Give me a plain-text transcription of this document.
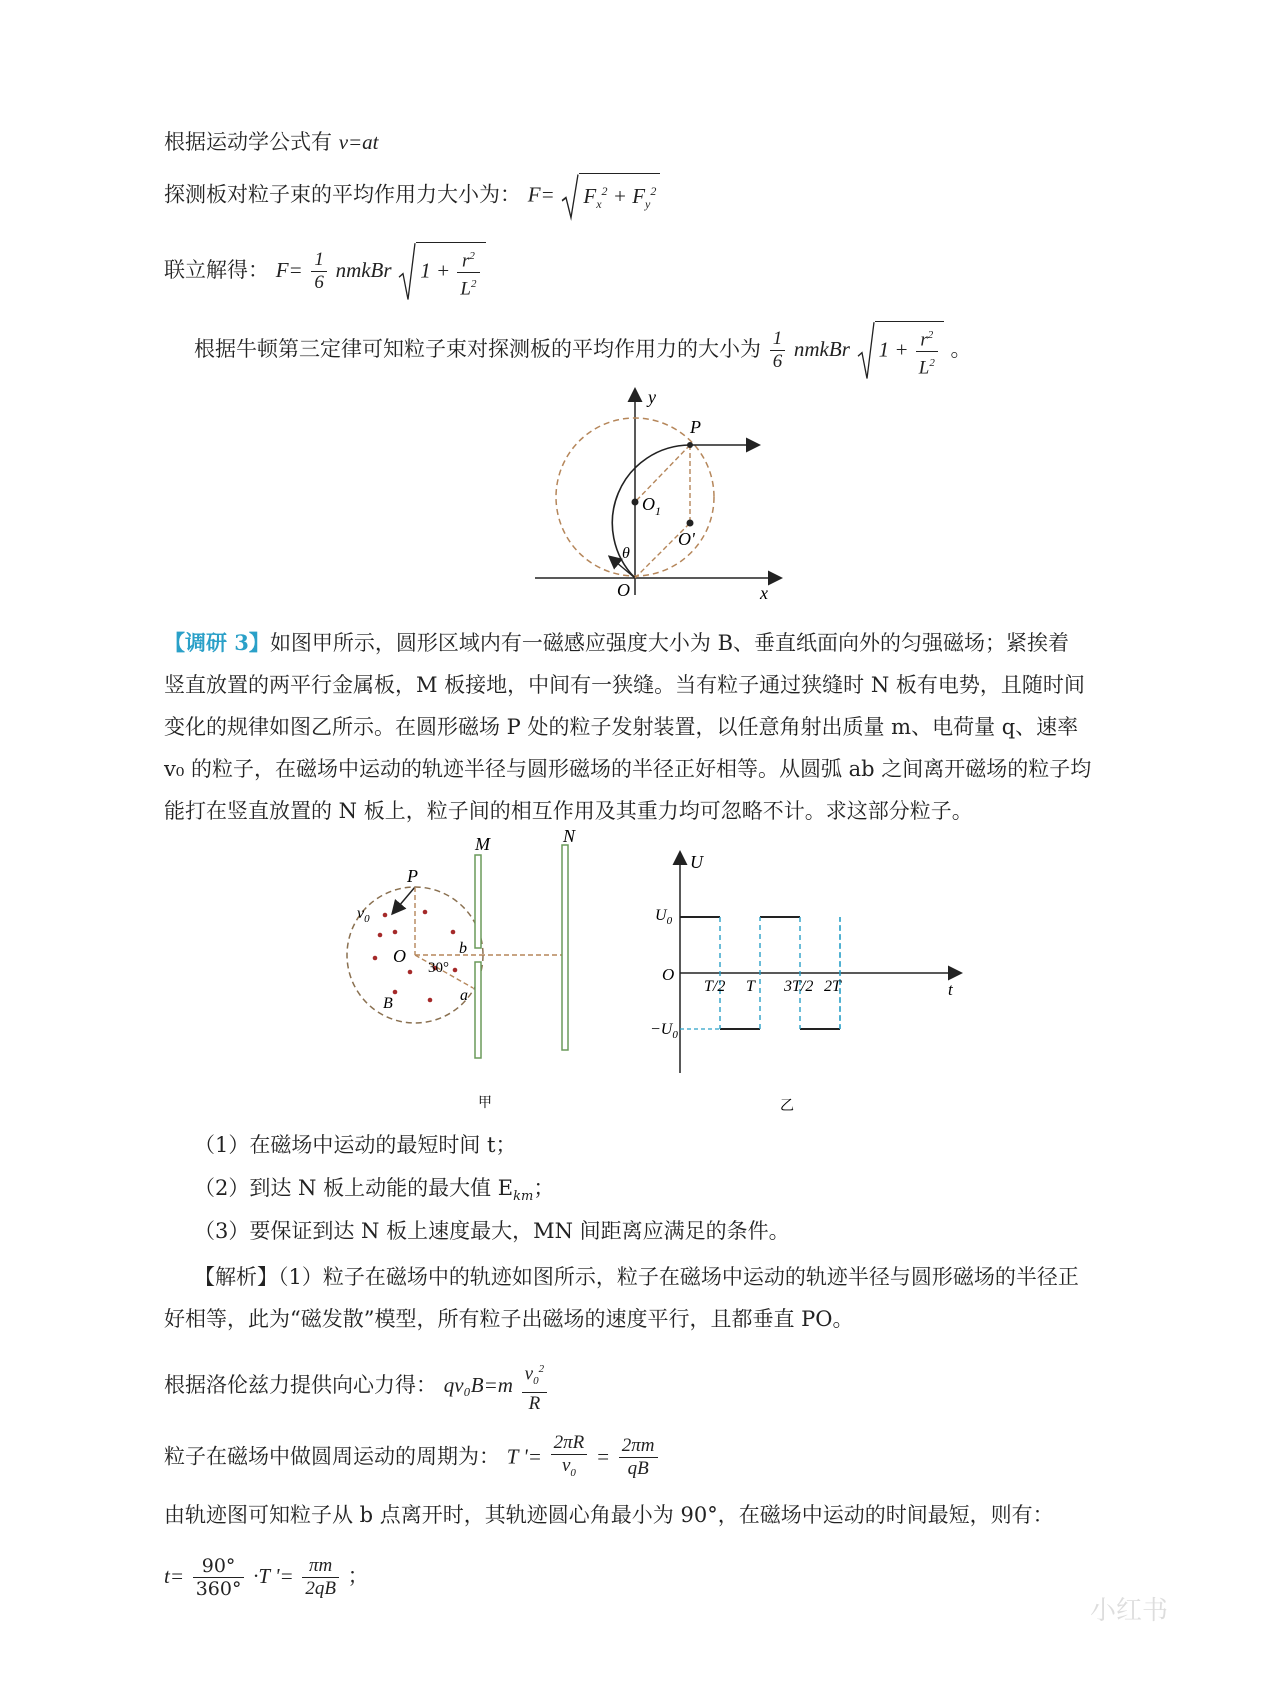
根据运动学公式有 v=at
探测板对粒子束的平均作用力大小为： $F= F_x^2 + F_y^2$
联立解得： $F= \frac{1}{6}$ nmkBr $1 + \frac{r^2}{L^2}$
根据牛顿第三定律可知粒子束对探测板的平均作用力的大小为 $\frac{1}{6}$ nmkBr $1 + \frac{r^2}{L^2}$ 。
y
x
P
O
$O_1$
O'
θ
【调研 3】如图甲所示，圆形区域内有一磁感应强度大小为 B、垂直纸面向外的匀强磁场；紧挨着
竖直放置的两平行金属板，M 板接地，中间有一狭缝。当有粒子通过狭缝时 N 板有电势，且随时间
变化的规律如图乙所示。在圆形磁场 P 处的粒子发射装置，以任意角射出质量 m、电荷量 q、速率
v₀ 的粒子，在磁场中运动的轨迹半径与圆形磁场的半径正好相等。从圆弧 ab 之间离开磁场的粒子均
能打在竖直放置的 N 板上，粒子间的相互作用及其重力均可忽略不计。求这部分粒子。
M	N
P
$v_0$
O
B
b
a
30°
甲
T/2 T 3T/2 2T
U
$U_0$
$-U_0$
O
t
乙
（1）在磁场中运动的最短时间 t；
（2）到达 N 板上动能的最大值 $E_{km}$；
（3）要保证到达 N 板上速度最大，MN 间距离应满足的条件。
【解析】（1）粒子在磁场中的轨迹如图所示，粒子在磁场中运动的轨迹半径与圆形磁场的半径正
好相等，此为“磁发散”模型，所有粒子出磁场的速度平行，且都垂直 PO。
根据洛伦兹力提供向心力得： $qv_0B=m \frac{v_0^2}{R}$
粒子在磁场中做圆周运动的周期为： T '= $\frac{2\pi R}{v_0} = \frac{2\pi m}{qB}$
由轨迹图可知粒子从 b 点离开时，其轨迹圆心角最小为 90°，在磁场中运动的时间最短，则有：
$t= \frac{90^\circ}{360^\circ} \cdot T$ '= $\frac{\pi m}{2qB}$ ；
小红书
